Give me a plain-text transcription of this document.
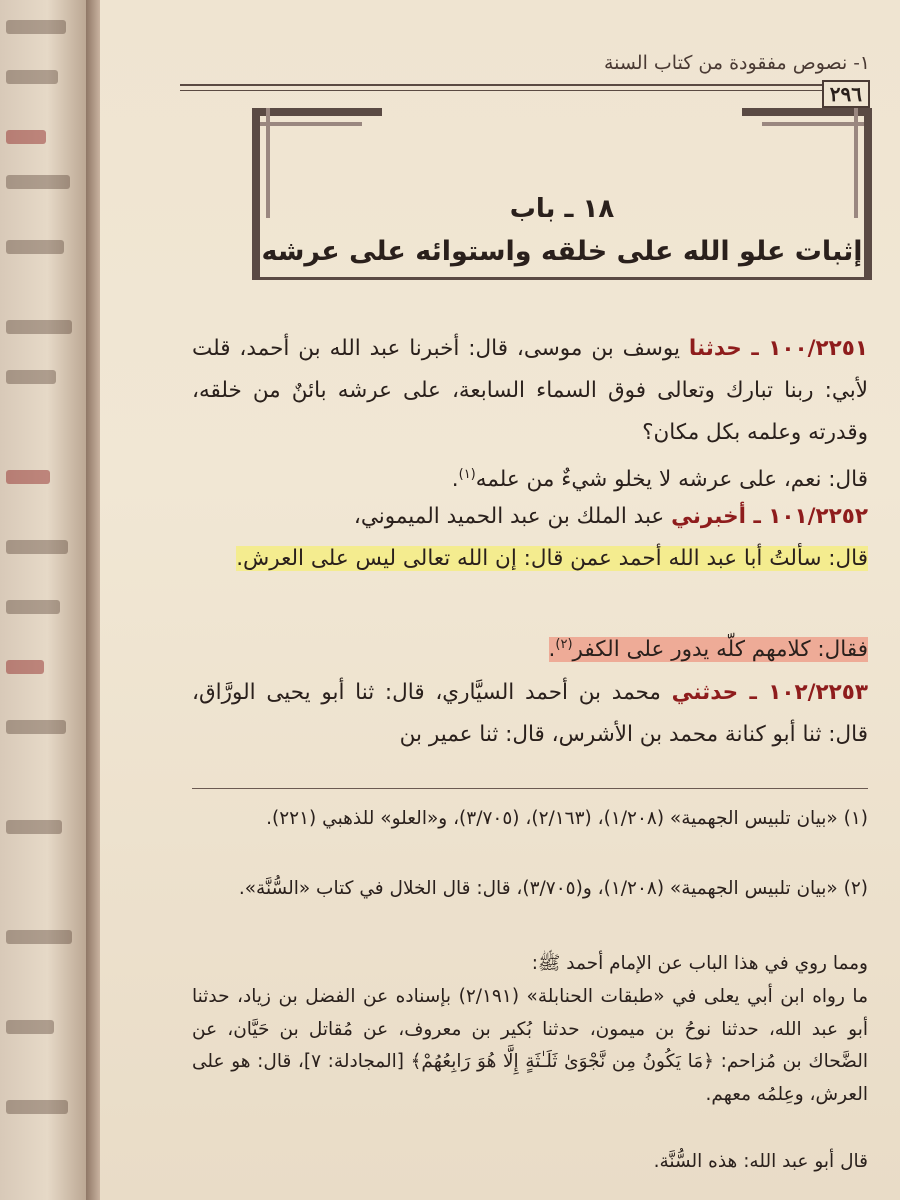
١- نصوص مفقودة من كتاب السنة
٢٩٦
١٨ ـ باب
إثبات علو الله على خلقه واستوائه على عرشه

١٠٠/٢٢٥١ ـ حدثنا يوسف بن موسى، قال: أخبرنا عبد الله بن أحمد، قلت لأبي: ربنا تبارك وتعالى فوق السماء السابعة، على عرشه بائنٌ من خلقه، وقدرته وعلمه بكل مكان؟

قال: نعم، على عرشه لا يخلو شيءٌ من علمه$^{(١)}$.

١٠١/٢٢٥٢ ـ أخبرني عبد الملك بن عبد الحميد الميموني،

قال: سألتُ أبا عبد الله أحمد عمن قال: إن الله تعالى ليس على العرش.

فقال: كلامهم كلّه يدور على الكفر$^{(٢)}$.

١٠٢/٢٢٥٣ ـ حدثني محمد بن أحمد السيَّاري، قال: ثنا أبو يحيى الورَّاق، قال: ثنا أبو كنانة محمد بن الأشرس، قال: ثنا عمير بن

(١) «بيان تلبيس الجهمية» (١/٢٠٨)، (٢/١٦٣)، (٣/٧٠٥)، و«العلو» للذهبي (٢٢١).

(٢) «بيان تلبيس الجهمية» (١/٢٠٨)، و(٣/٧٠٥)، قال: قال الخلال في كتاب «السُّنَّة».

ومما روي في هذا الباب عن الإمام أحمد ﷺ:

ما رواه ابن أبي يعلى في «طبقات الحنابلة» (٢/١٩١) بإسناده عن الفضل بن زياد، حدثنا أبو عبد الله، حدثنا نوحُ بن ميمون، حدثنا بُكير بن معروف، عن مُقاتل بن حَيَّان، عن الضَّحاك بن مُزاحم: ﴿مَا يَكُونُ مِن نَّجْوَىٰ ثَلَـٰثَةٍ إِلَّا هُوَ رَابِعُهُمْ﴾ [المجادلة: ٧]، قال: هو على العرش، وعِلمُه معهم.

قال أبو عبد الله: هذه السُّنَّة.
